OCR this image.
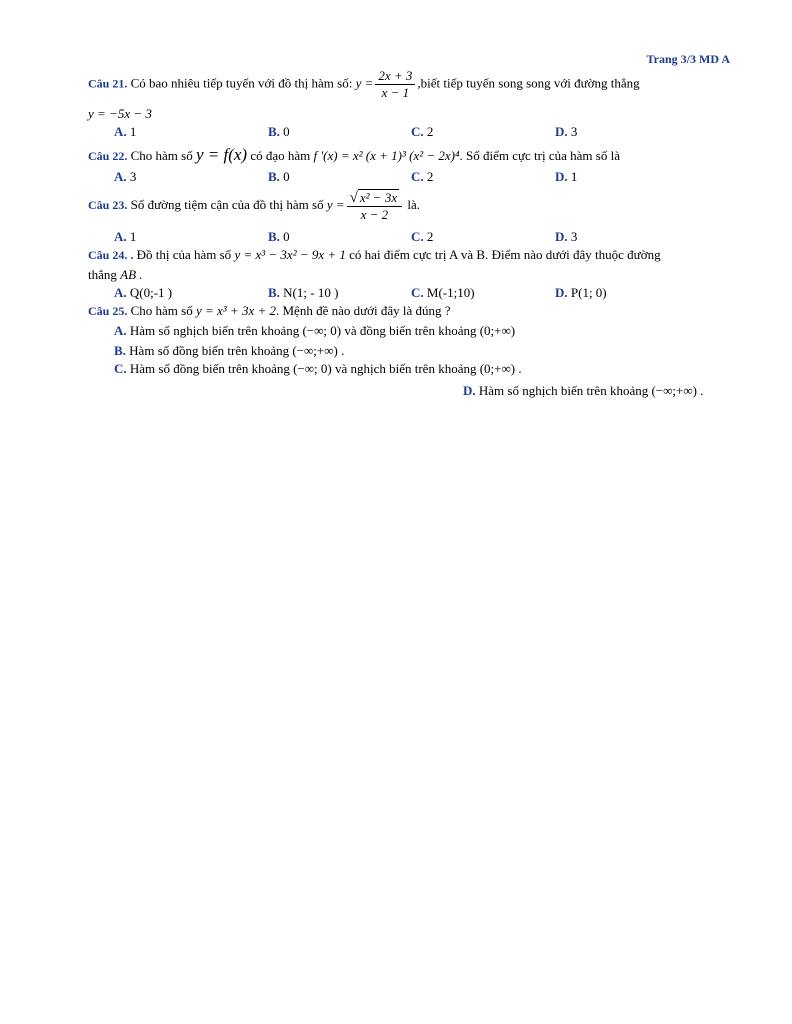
Trang 3/3 MD A
Câu 21. Có bao nhiêu tiếp tuyến với đồ thị hàm số: $y = \frac{2x + 3}{x - 1}$ ,biết tiếp tuyến song song với đường thẳng
y = −5x − 3
A. 1	B. 0	C. 2	D. 3
Câu 22. Cho hàm số y = f(x) có đạo hàm f '(x) = x² (x + 1)³ (x² − 2x)⁴. Số điểm cực trị của hàm số là
A. 3	B. 0	C. 2	D. 1
Câu 23. Số đường tiệm cận của đồ thị hàm số $y = \frac{\text{√ x² − 3x}}{x - 2}$ là.
A. 1	B. 0	C. 2	D. 3
Câu 24. . Đồ thị của hàm số y = x³ − 3x² − 9x + 1 có hai điểm cực trị A và B. Điểm nào dưới đây thuộc đường
thẳng AB .
A. Q(0;-1 )	B. N(1; - 10 )	C. M(-1;10)	D. P(1; 0)
Câu 25. Cho hàm số y = x³ + 3x + 2. Mệnh đề nào dưới đây là đúng ?
A. Hàm số nghịch biến trên khoảng (−∞; 0) và đồng biến trên khoảng (0;+∞)
B. Hàm số đồng biến trên khoảng (−∞;+∞) .
C. Hàm số đồng biến trên khoảng (−∞; 0) và nghịch biến trên khoảng (0;+∞) .
D. Hàm số nghịch biến trên khoảng (−∞;+∞) .
